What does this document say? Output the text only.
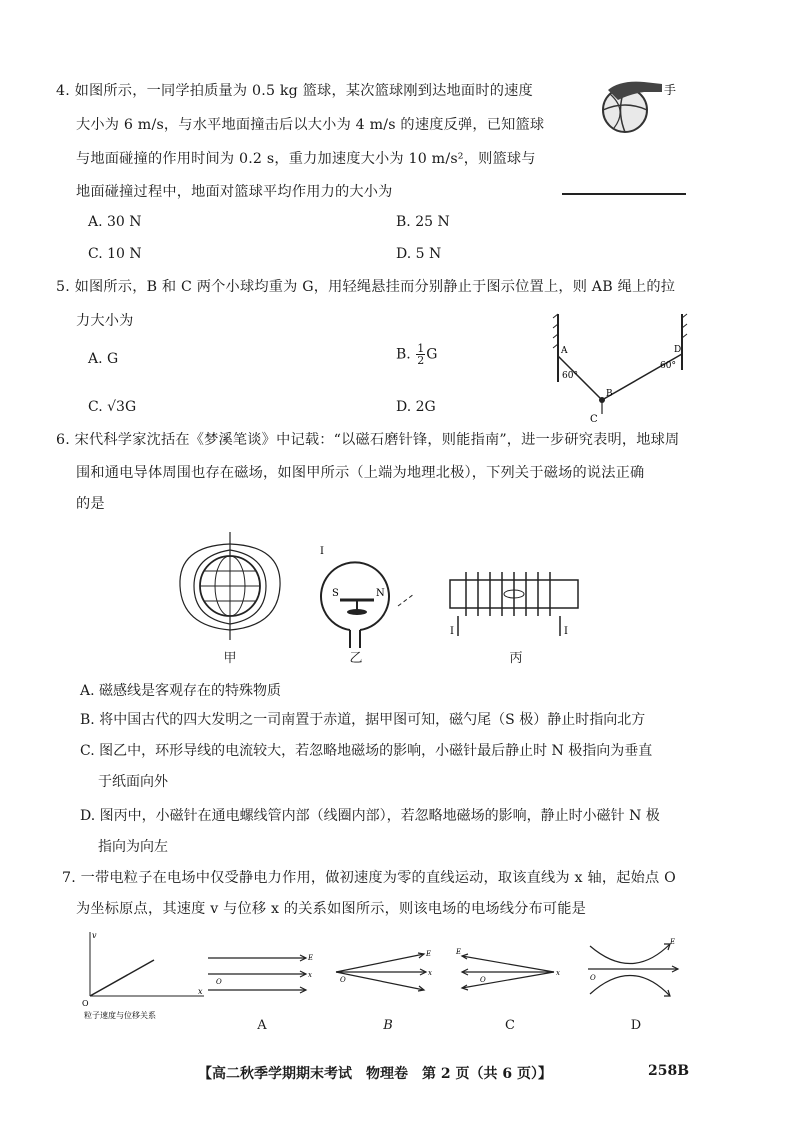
4. 如图所示，一同学拍质量为 0.5 kg 篮球，某次篮球刚到达地面时的速度
大小为 6 m/s，与水平地面撞击后以大小为 4 m/s 的速度反弹，已知篮球
与地面碰撞的作用时间为 0.2 s，重力加速度大小为 10 m/s²，则篮球与
地面碰撞过程中，地面对篮球平均作用力的大小为
A. 30 N	B. 25 N
C. 10 N	D. 5 N
手
5. 如图所示，B 和 C 两个小球均重为 G，用轻绳悬挂而分别静止于图示位置上，则 AB 绳上的拉
力大小为
A. G	B. $\frac{1}{2}$ G
C. √3G	D. 2G
A
60°
60°
B
D
C
6. 宋代科学家沈括在《梦溪笔谈》中记载：“以磁石磨针锋，则能指南”，进一步研究表明，地球周
围和通电导体周围也存在磁场，如图甲所示（上端为地理北极），下列关于磁场的说法正确
的是
I
S	N
I	I
甲	乙	丙
A. 磁感线是客观存在的特殊物质
B. 将中国古代的四大发明之一司南置于赤道，据甲图可知，磁勺尾（S 极）静止时指向北方
C. 图乙中，环形导线的电流较大，若忽略地磁场的影响，小磁针最后静止时 N 极指向为垂直
于纸面向外
D. 图丙中，小磁针在通电螺线管内部（线圈内部），若忽略地磁场的影响，静止时小磁针 N 极
指向为向左
7. 一带电粒子在电场中仅受静电力作用，做初速度为零的直线运动，取该直线为 x 轴，起始点 O
为坐标原点，其速度 v 与位移 x 的关系如图所示，则该电场的电场线分布可能是
v
x
O
粒子速度与位移关系
E
O
x
E
O
x
E
O
x
E
O
A	B	C	D
【高二秋季学期期末考试　物理卷　第 2 页（共 6 页）】	258B
